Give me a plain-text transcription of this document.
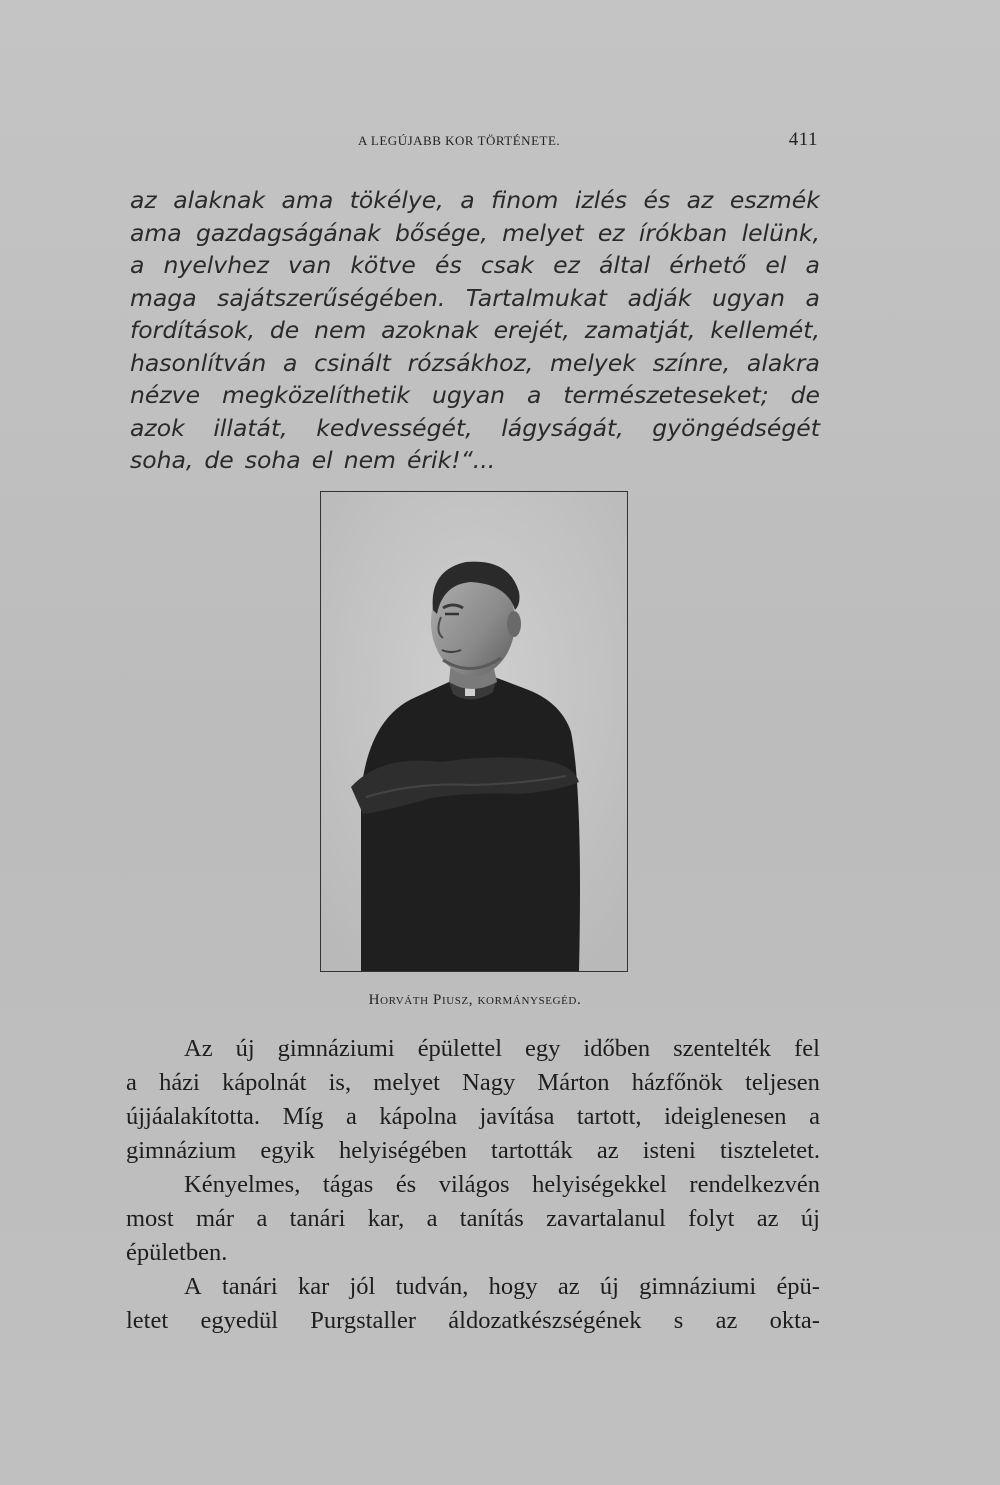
A LEGÚJABB KOR TÖRTÉNETE.	411
az alaknak ama tökélye, a finom izlés és az eszmék
ama gazdagságának bősége, melyet ez írókban lelünk,
a nyelvhez van kötve és csak ez által érhető el a
maga sajátszerűségében. Tartalmukat adják ugyan a
fordítások, de nem azoknak erejét, zamatját, kellemét,
hasonlítván a csinált rózsákhoz, melyek színre, alakra
nézve megközelíthetik ugyan a természeteseket; de
azok illatát, kedvességét, lágyságát, gyöngédségét
soha, de soha el nem érik!“...
Horváth Piusz, kormánysegéd.
Az új gimnáziumi épülettel egy időben szentelték fel
a házi kápolnát is, melyet Nagy Márton házfőnök teljesen
újjáalakította. Míg a kápolna javítása tartott, ideiglenesen a
gimnázium egyik helyiségében tartották az isteni tiszteletet.
Kényelmes, tágas és világos helyiségekkel rendelkezvén
most már a tanári kar, a tanítás zavartalanul folyt az új
épületben.
A tanári kar jól tudván, hogy az új gimnáziumi épü-
letet egyedül Purgstaller áldozatkészségének s az okta-
